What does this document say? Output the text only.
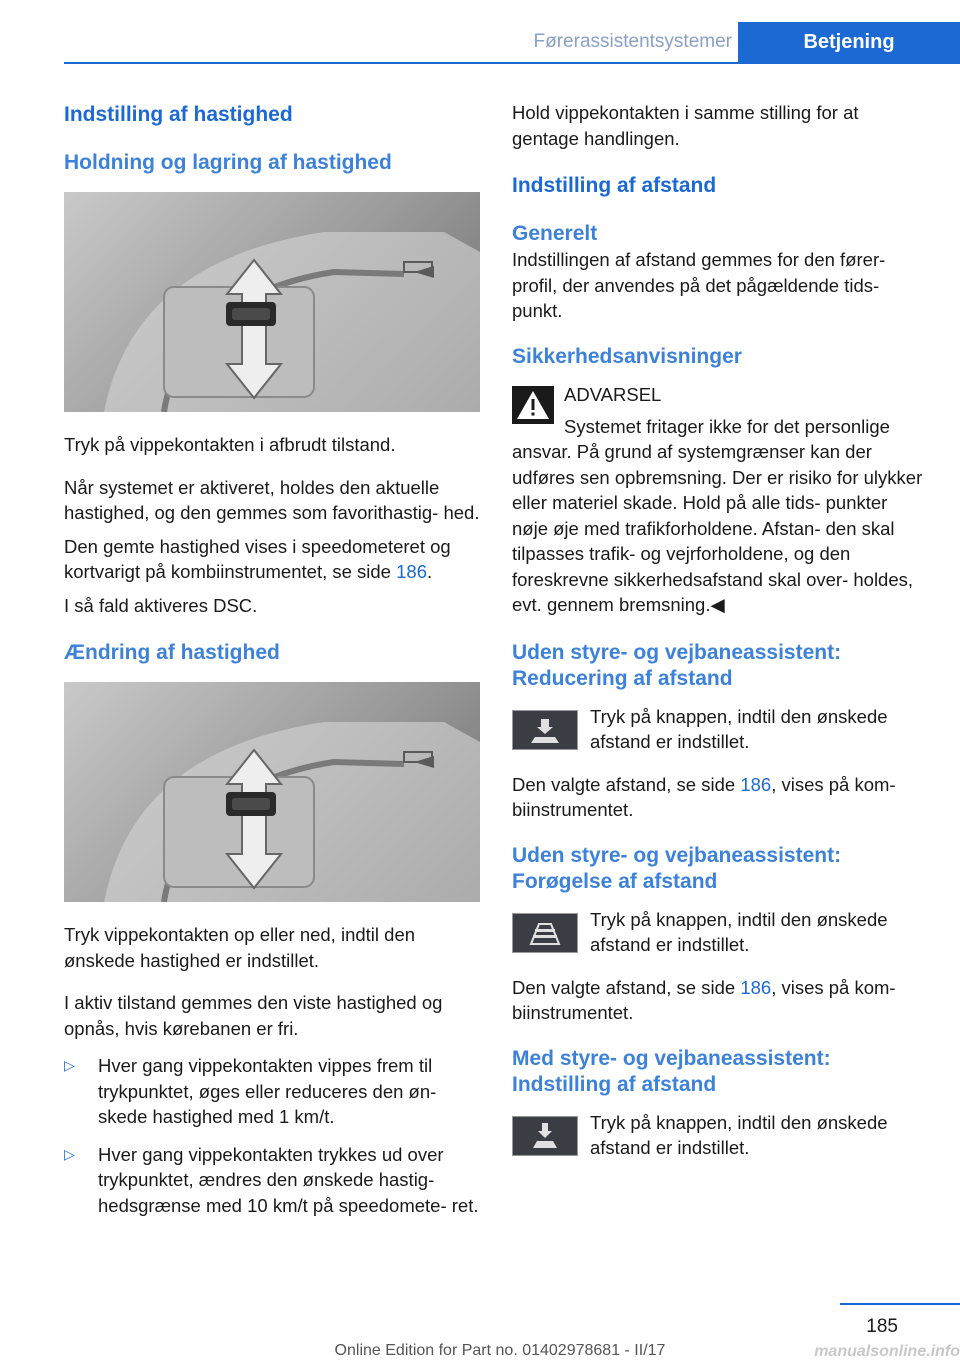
Førerassistentsystemer	Betjening
Indstilling af hastighed
Holdning og lagring af hastighed

Tryk på vippekontakten i afbrudt tilstand.

Når systemet er aktiveret, holdes den aktuelle hastighed, og den gemmes som favorithastig‐ hed.

Den gemte hastighed vises i speedometeret og kortvarigt på kombiinstrumentet, se side 186.

I så fald aktiveres DSC.

Ændring af hastighed

Tryk vippekontakten op eller ned, indtil den ønskede hastighed er indstillet.

I aktiv tilstand gemmes den viste hastighed og opnås, hvis kørebanen er fri.

▷	Hver gang vippekontakten vippes frem til trykpunktet, øges eller reduceres den øn‐ skede hastighed med 1 km/t.

▷	Hver gang vippekontakten trykkes ud over trykpunktet, ændres den ønskede hastig‐ hedsgrænse med 10 km/t på speedomete‐ ret.

Hold vippekontakten i samme stilling for at gentage handlingen.

Indstilling af afstand
Generelt

Indstillingen af afstand gemmes for den fører‐ profil, der anvendes på det pågældende tids‐ punkt.

Sikkerhedsanvisninger

ADVARSEL

Systemet fritager ikke for det personlige ansvar. På grund af systemgrænser kan der udføres sen opbremsning. Der er risiko for ulykker eller materiel skade. Hold på alle tids‐ punkter nøje øje med trafikforholdene. Afstan‐ den skal tilpasses trafik- og vejrforholdene, og den foreskrevne sikkerhedsafstand skal over‐ holdes, evt. gennem bremsning.◀

Uden styre- og vejbaneassistent: Reducering af afstand

Tryk på knappen, indtil den ønskede afstand er indstillet.

Den valgte afstand, se side 186, vises på kom‐ biinstrumentet.

Uden styre- og vejbaneassistent: Forøgelse af afstand

Tryk på knappen, indtil den ønskede afstand er indstillet.

Den valgte afstand, se side 186, vises på kom‐ biinstrumentet.

Med styre- og vejbaneassistent: Indstilling af afstand

Tryk på knappen, indtil den ønskede afstand er indstillet.

185
Online Edition for Part no. 01402978681 - II/17	manualsonline.info
